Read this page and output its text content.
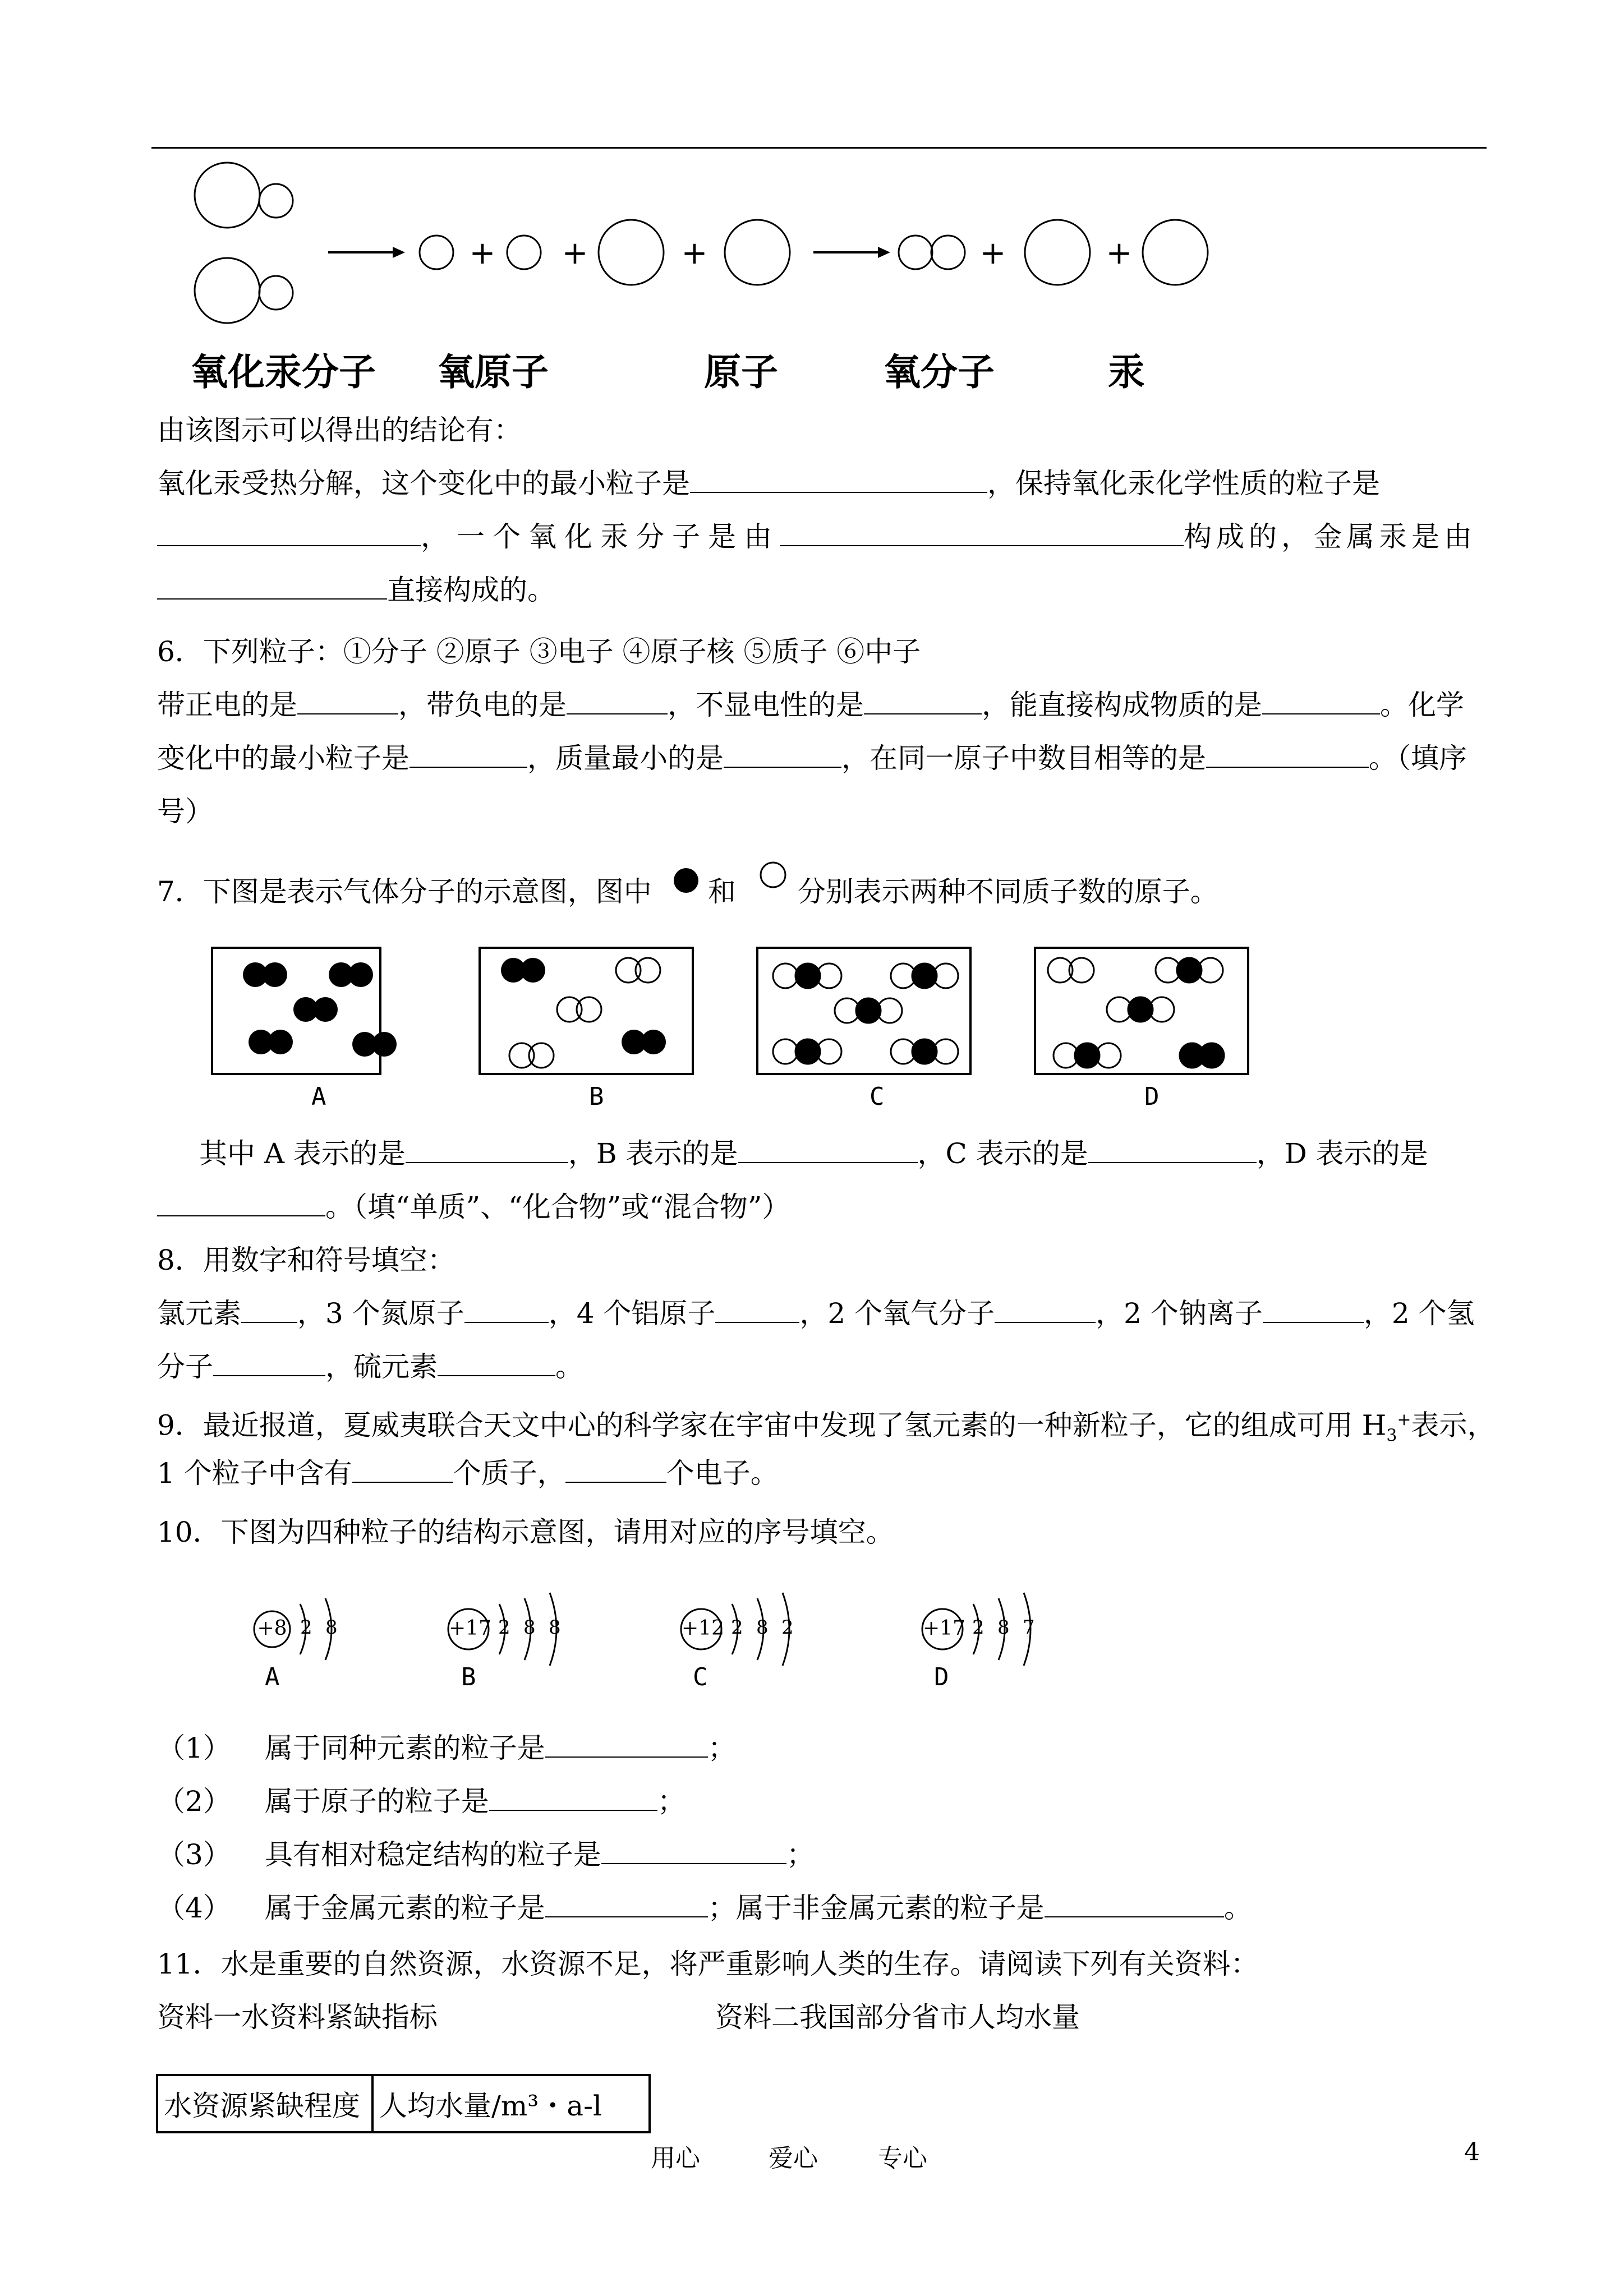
+ +	+	+	+
氧化汞分子 氧原子	原子	氧分子	汞
由该图示可以得出的结论有：
氧化汞受热分解，这个变化中的最小粒子是	，保持氧化汞化学性质的粒子是
，一个氧化汞分子是由	构成的，金属汞是由
直接构成的。
6．下列粒子：①分子 ②原子 ③电子 ④原子核 ⑤质子 ⑥中子
带正电的是	，带负电的是	，不显电性的是	，能直接构成物质的是	。化学
变化中的最小粒子是	，质量最小的是	，在同一原子中数目相等的是	。（填序
号）
7．下图是表示气体分子的示意图，图中 和 分别表示两种不同质子数的原子。
A	B	C	D
其中 A 表示的是	，B 表示的是	，C 表示的是	，D 表示的是
。（填“单质”、“化合物”或“混合物”）
8．用数字和符号填空：
氯元素 ，3 个氮原子	，4 个铝原子	，2 个氧气分子	，2 个钠离子	，2 个氢
分子	，硫元素	。
9．最近报道，夏威夷联合天文中心的科学家在宇宙中发现了氢元素的一种新粒子，它的组成可用 $H_3^+$表示，
1 个粒子中含有	个质子，	个电子。
10．下图为四种粒子的结构示意图，请用对应的序号填空。
+8 2 8
A
+17 2 8 8
B
+12 2 8 2
C
+17 2 8 7
D
（1） 属于同种元素的粒子是	；
（2） 属于原子的粒子是	；
（3） 具有相对稳定结构的粒子是	；
（4） 属于金属元素的粒子是	；属于非金属元素的粒子是	。
11．水是重要的自然资源，水资源不足，将严重影响人类的生存。请阅读下列有关资料：
资料一水资料紧缺指标	资料二我国部分省市人均水量
水资源紧缺程度	人均水量/m³・a-l
用心	爱心 专心	4
